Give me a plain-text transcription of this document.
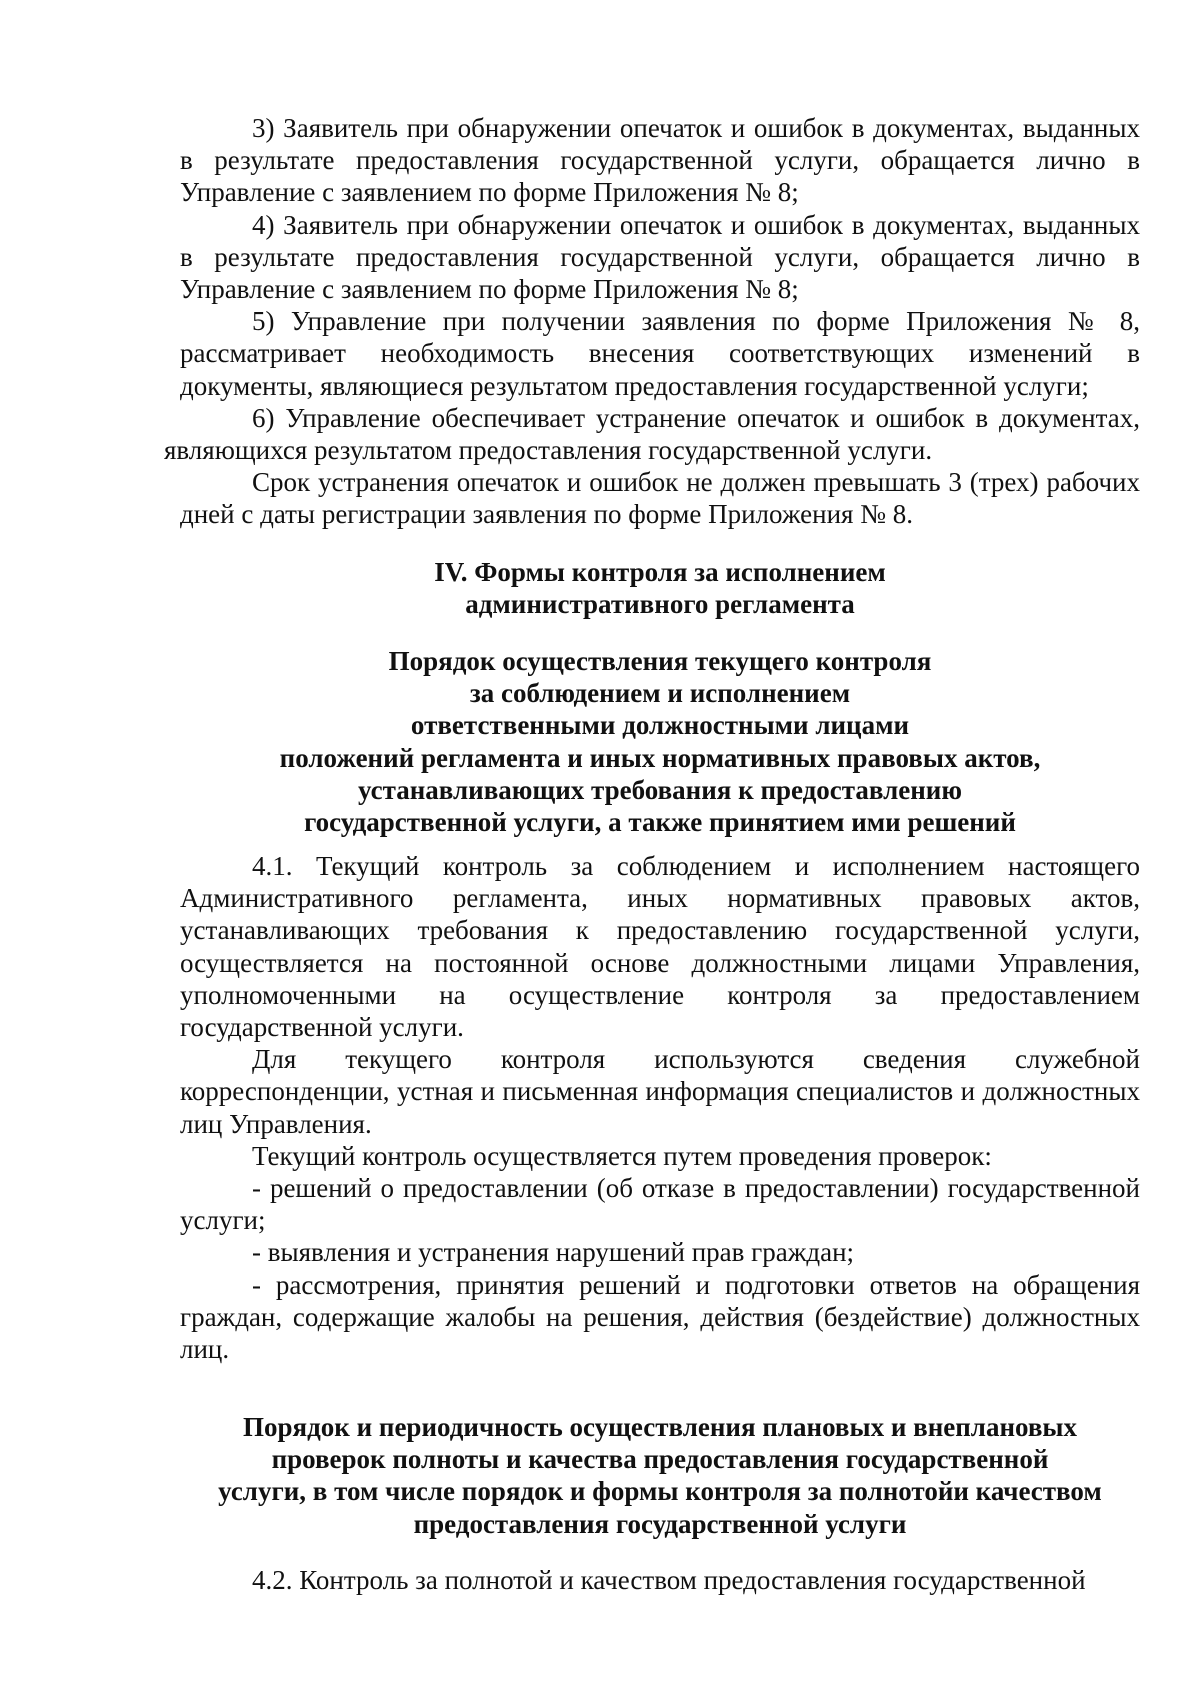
3) Заявитель при обнаружении опечаток и ошибок в документах, выданных в результате предоставления государственной услуги, обращается лично в Управление с заявлением по форме Приложения № 8;

4) Заявитель при обнаружении опечаток и ошибок в документах, выданных в результате предоставления государственной услуги, обращается лично в Управление с заявлением по форме Приложения № 8;

5) Управление при получении заявления по форме Приложения № 8, рассматривает необходимость внесения соответствующих изменений в документы, являющиеся результатом предоставления государственной услуги;

6) Управление обеспечивает устранение опечаток и ошибок в документах, являющихся результатом предоставления государственной услуги.

Срок устранения опечаток и ошибок не должен превышать 3 (трех) рабочих дней с даты регистрации заявления по форме Приложения № 8.

IV. Формы контроля за исполнением
административного регламента
Порядок осуществления текущего контроля
за соблюдением и исполнением
ответственными должностными лицами
положений регламента и иных нормативных правовых актов,
устанавливающих требования к предоставлению
государственной услуги, а также принятием ими решений

4.1. Текущий контроль за соблюдением и исполнением настоящего Административного регламента, иных нормативных правовых актов, устанавливающих требования к предоставлению государственной услуги, осуществляется на постоянной основе должностными лицами Управления, уполномоченными на осуществление контроля за предоставлением государственной услуги.

Для текущего контроля используются сведения служебной корреспонденции, устная и письменная информация специалистов и должностных лиц Управления.

Текущий контроль осуществляется путем проведения проверок:

- решений о предоставлении (об отказе в предоставлении) государственной услуги;

- выявления и устранения нарушений прав граждан;

- рассмотрения, принятия решений и подготовки ответов на обращения граждан, содержащие жалобы на решения, действия (бездействие) должностных лиц.

Порядок и периодичность осуществления плановых и внеплановых
проверок полноты и качества предоставления государственной
услуги, в том числе порядок и формы контроля за полнотойи качеством
предоставления государственной услуги

4.2. Контроль за полнотой и качеством предоставления государственной
